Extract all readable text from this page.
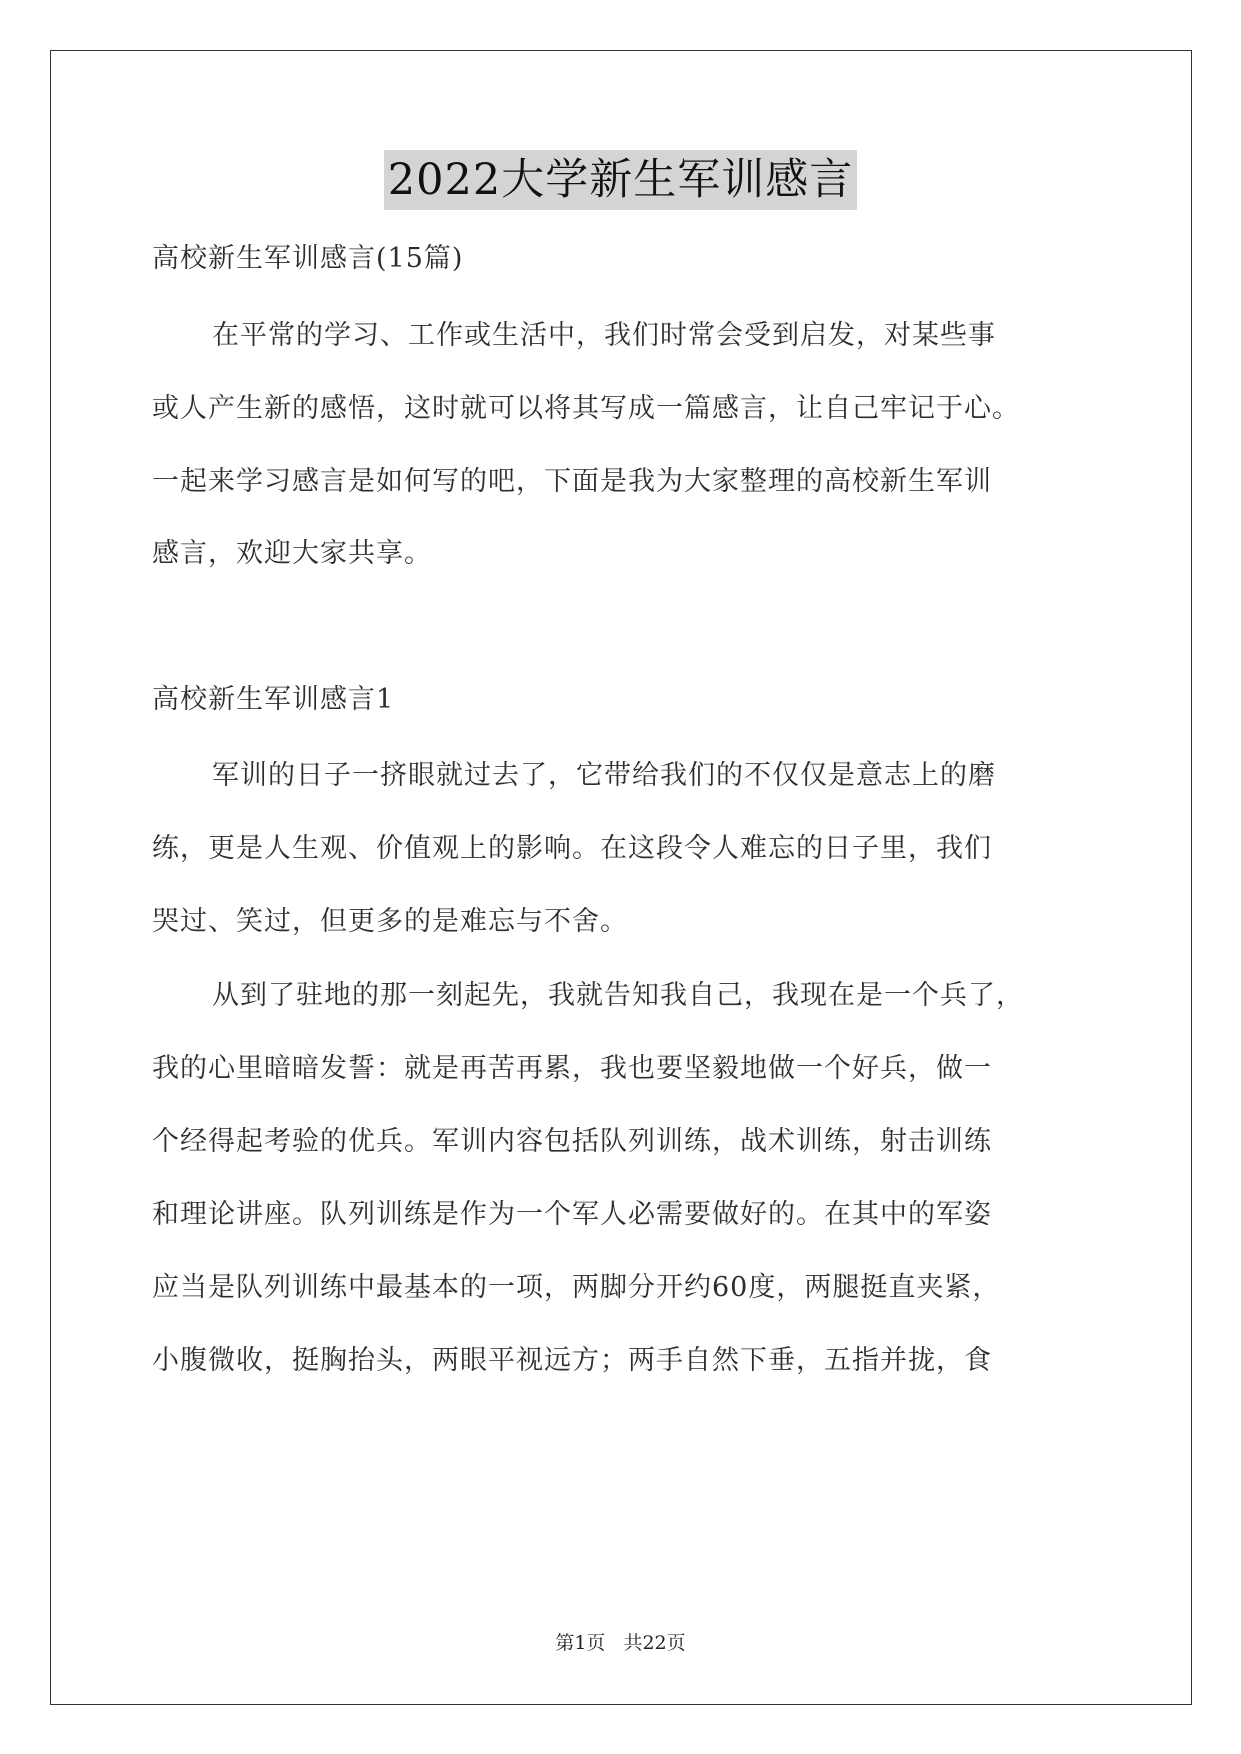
2022大学新生军训感言
高校新生军训感言(15篇)
在平常的学习、工作或生活中，我们时常会受到启发，对某些事
或人产生新的感悟，这时就可以将其写成一篇感言，让自己牢记于心。
一起来学习感言是如何写的吧，下面是我为大家整理的高校新生军训
感言，欢迎大家共享。
高校新生军训感言1
军训的日子一挤眼就过去了，它带给我们的不仅仅是意志上的磨
练，更是人生观、价值观上的影响。在这段令人难忘的日子里，我们
哭过、笑过，但更多的是难忘与不舍。
从到了驻地的那一刻起先，我就告知我自己，我现在是一个兵了，
我的心里暗暗发誓：就是再苦再累，我也要坚毅地做一个好兵，做一
个经得起考验的优兵。军训内容包括队列训练，战术训练，射击训练
和理论讲座。队列训练是作为一个军人必需要做好的。在其中的军姿
应当是队列训练中最基本的一项，两脚分开约60度，两腿挺直夹紧，
小腹微收，挺胸抬头，两眼平视远方；两手自然下垂，五指并拢，食
第1页 共22页
